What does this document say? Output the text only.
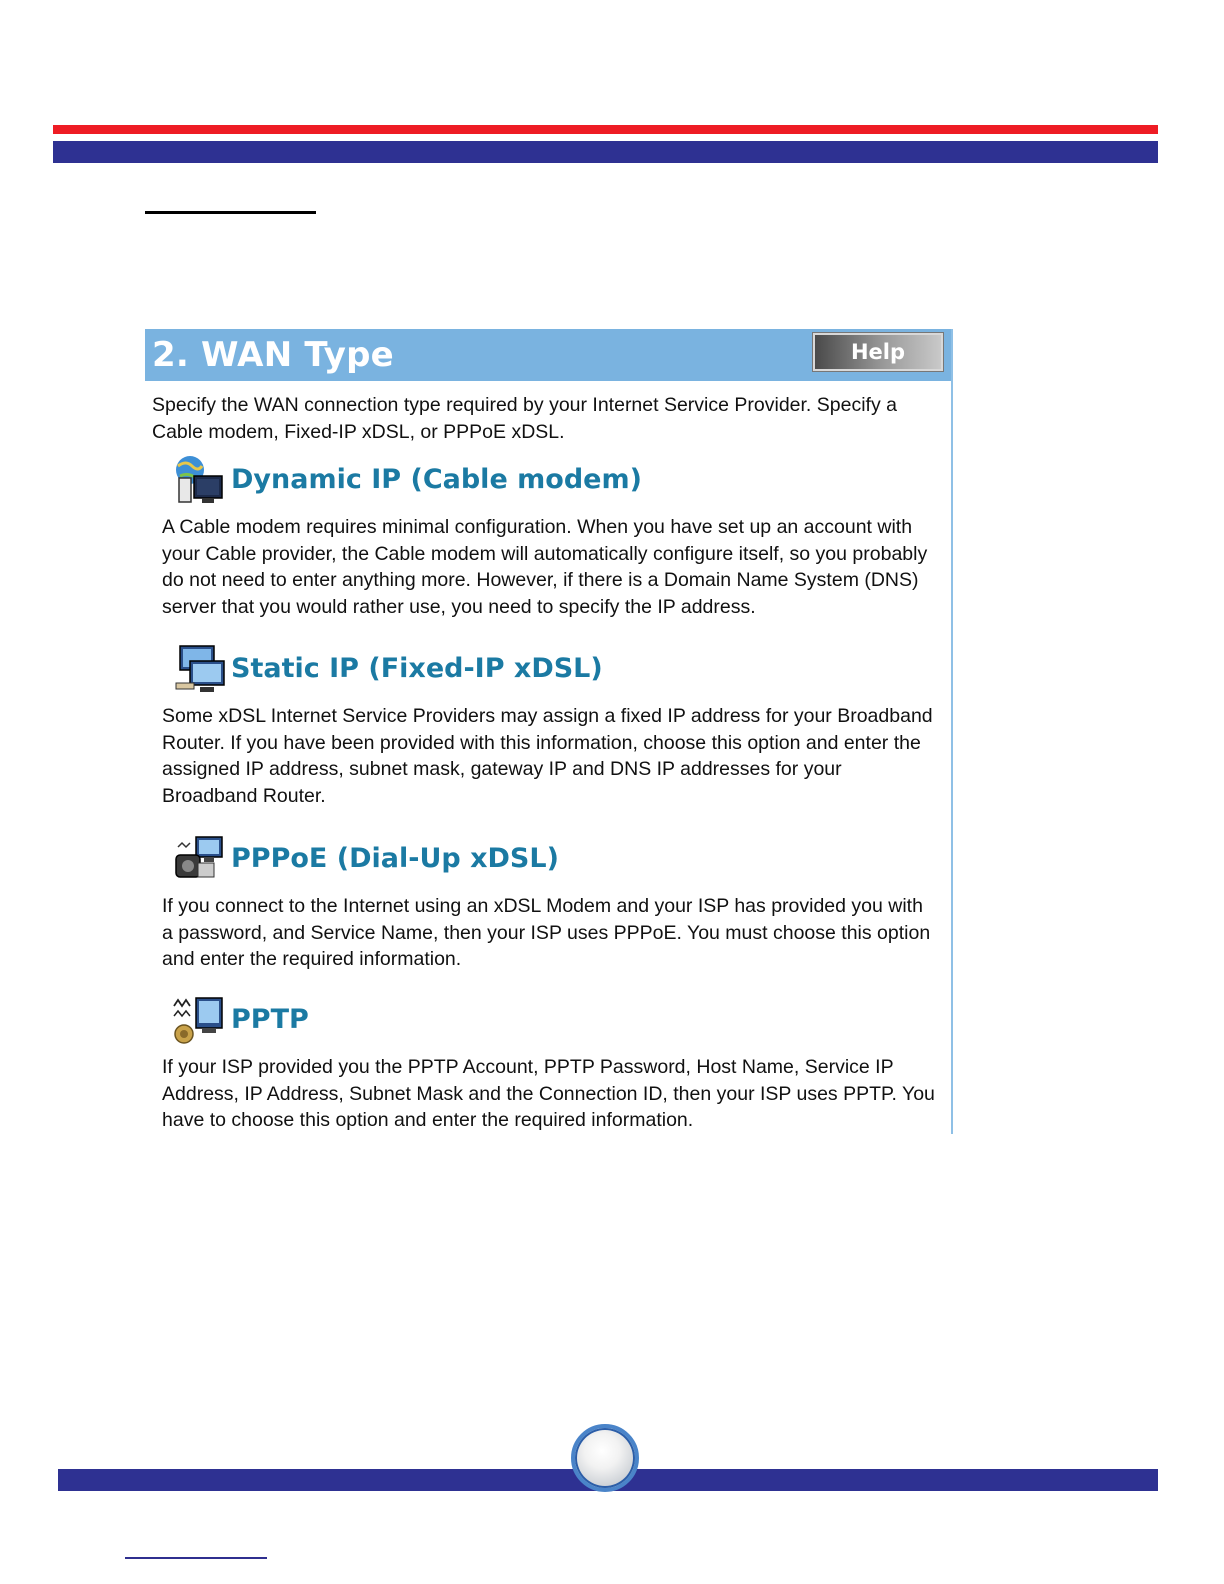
2. WAN Type	Help

Specify the WAN connection type required by your Internet Service Provider. Specify a Cable modem, Fixed-IP xDSL, or PPPoE xDSL.

Dynamic IP (Cable modem)

A Cable modem requires minimal configuration. When you have set up an account with your Cable provider, the Cable modem will automatically configure itself, so you probably do not need to enter anything more. However, if there is a Domain Name System (DNS) server that you would rather use, you need to specify the IP address.

Static IP (Fixed-IP xDSL)

Some xDSL Internet Service Providers may assign a fixed IP address for your Broadband Router. If you have been provided with this information, choose this option and enter the assigned IP address, subnet mask, gateway IP and DNS IP addresses for your Broadband Router.

PPPoE (Dial-Up xDSL)

If you connect to the Internet using an xDSL Modem and your ISP has provided you with a password, and Service Name, then your ISP uses PPPoE. You must choose this option and enter the required information.

PPTP

If your ISP provided you the PPTP Account, PPTP Password, Host Name, Service IP Address, IP Address, Subnet Mask and the Connection ID, then your ISP uses PPTP. You have to choose this option and enter the required information.
